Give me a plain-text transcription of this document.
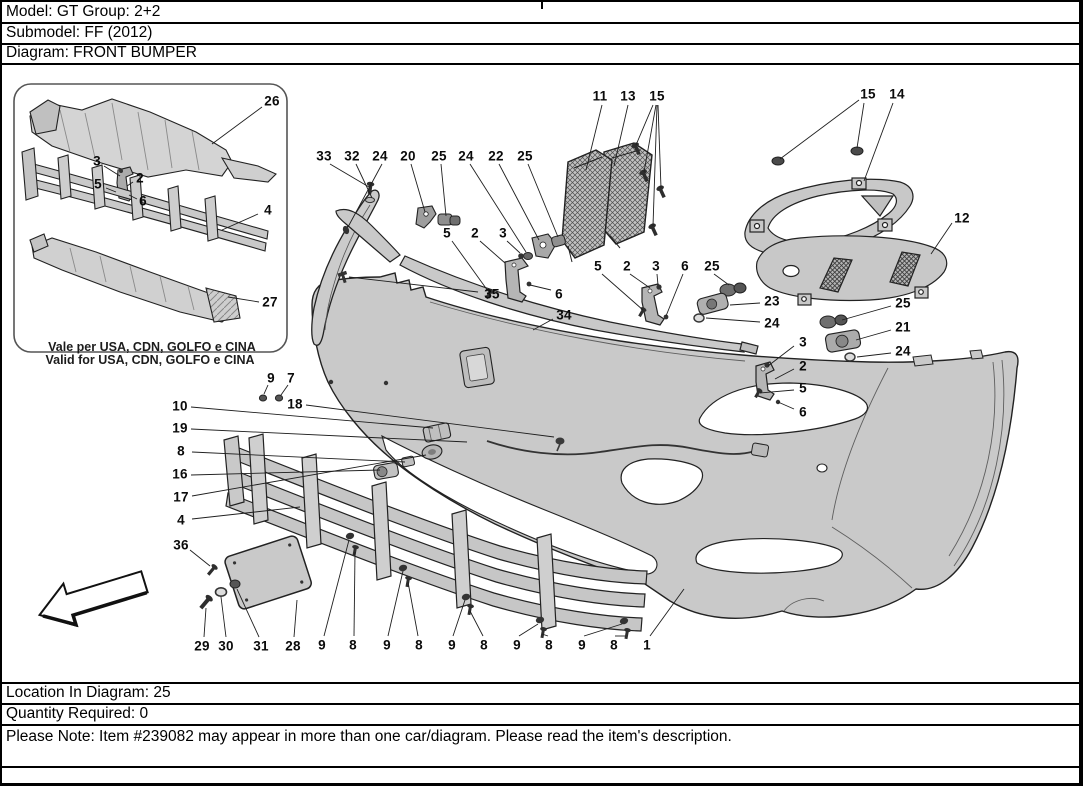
Model: GT Group: 2+2
Submodel: FF (2012)
Diagram: FRONT BUMPER
Location In Diagram: 25
Quantity Required: 0
Please Note: Item #239082 may appear in more than one car/diagram. Please read the item's description.
Vale per USA, CDN, GOLFO e CINA
Valid for USA, CDN, GOLFO e CINA
26
3
2
5
6
4
27
33 32 24 20 25 24 22 25
11 13 15	15 14
12
5 2 3
35	6
34
5 2 3 6 25
23
24
25
21
24
3
2
5
6
9 7
10	18
19
8
16
17
4
36
29 30 31 28 9 8 9 8 9 8 9 8 9 8 1
